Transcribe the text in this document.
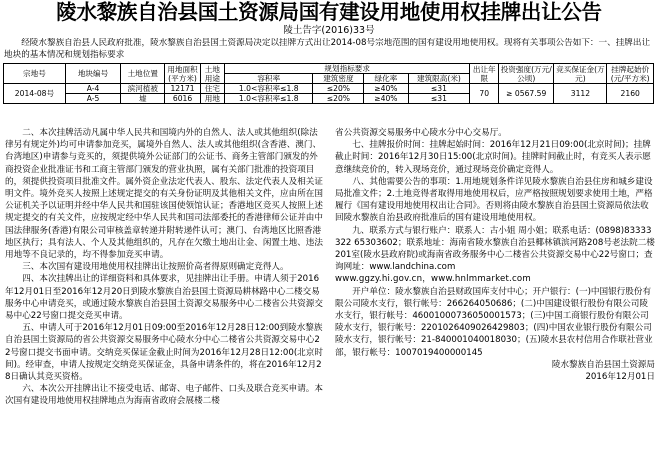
陵水黎族自治县国土资源局国有建设用地使用权挂牌出让公告
陵土告字(2016)33号
经陵水黎族自治县人民政府批准，陵水黎族自治县国土资源局决定以挂牌方式出让2014-08号宗地范围的国有建设用地使用权。现将有关事项公告如下：一、挂牌出让地块的基本情况和规划指标要求
宗地号	地块编号	土地位置	用地面积(平方米)	土地用途	规划指标要求				出让年限	投资强度(万元/公顷)	竞买保证金(万元)	挂牌起始价(元/平方米)
					容积率	建筑密度	绿化率	建筑限高(米)				
2014-08号	A-4	滨河植被	12171	住宅	1.0<容积率≤1.8	≤20%	≥40%	≤31	70	≥ 0567.59	3112	2160
	A-5	墟	6016	用地	1.0<容积率≤1.8	≤20%	≥40%	≤31				

二、本次挂牌活动凡属中华人民共和国境内外的自然人、法人或其他组织(除法律另有规定外)均可申请参加竞买，属境外自然人、法人或其他组织(含香港、澳门、台湾地区)申请参与竞买的，须提供境外公证部门的公证书、商务主管部门颁发的外商投资企业批准证书和工商主管部门颁发的营业执照，属有关部门批准的投资项目的，须提供投资项目批准文件。属外资企业法定代表人、股东、法定代表人及相关证明文件。境外竞买人按照上述规定提交的有关身份证明及其他相关文件，应由所在国公证机关予以证明并经中华人民共和国驻该国使领馆认证；香港地区竞买人按照上述规定提交的有关文件，应按规定经中华人民共和国司法部委托的香港律师公证并由中国法律服务(香港)有限公司审核盖章转递并附转递件认可；澳门、台湾地区比照香港地区执行；具有法人、个人及其他组织的，凡存在欠缴土地出让金、闲置土地、违法用地等不良记录的，均不得参加竞买申请。

三、本次国有建设用地使用权挂牌出让按照价高者得原则确定竞得人。

四、本次挂牌出让的详细资料和具体要求，见挂牌出让手册。申请人须于2016年12月01日至2016年12月20日到陵水黎族自治县国土资源局耕林路中心二楼交易服务中心申请竞买，或通过陵水黎族自治县国土资源交易服务中心二楼省公共资源交易中心22号窗口提交竞买申请。

五、申请人可于2016年12月01日09:00至2016年12月28日12:00到陵水黎族自治县国土资源局的省公共资源交易服务中心陵水分中心二楼省公共资源交易中心22号窗口提交书面申请。交纳竞买保证金截止时间为2016年12月28日12:00(北京时间)。经审查，申请人按规定交纳竞买保证金，具备申请条件的，将在2016年12月28日确认其竞买资格。

六、本次公开挂牌出让不接受电话、邮寄、电子邮件、口头及联合竞买申请。本次国有建设用地使用权挂牌地点为海南省政府会展楼二楼

省公共资源交易服务中心陵水分中心交易厅。

七、挂牌报价时间：挂牌起始时间：2016年12月21日09:00(北京时间)；挂牌截止时间：2016年12月30日15:00(北京时间)。挂牌时间截止时，有竞买人表示愿意继续竞价的，转入现场竞价，通过现场竞价确定竞得人。

八、其他需要公告的事项：1.用地规划条件详见陵水黎族自治县住房和城乡建设局批准文件；2.土地竞得者取得用地使用权后，应严格按照规划要求使用土地，严格履行《国有建设用地使用权出让合同》。否则将由陵水黎族自治县国土资源局依法收回陵水黎族自治县政府批准后的国有建设用地使用权。

九、联系方式与银行账户：联系人：古小姐 周小姐；联系电话：(0898)83333322 65303602；联系地址：海南省陵水黎族自治县椰林镇滨河路208号老法院二楼201室(陵水县政府院)或海南省政务服务中心二楼省公共资源交易中心22号窗口；查询网址：www.landchina.com

www.ggzy.hi.gov.cn，www.hnlmmarket.com

开户单位：陵水黎族自治县财政国库支付中心；开户银行：(一)中国银行股份有限公司陵水支行，银行帐号：266264050686；(二)中国建设银行股份有限公司陵水支行，银行帐号：46001000736050001573；(三)中国工商银行股份有限公司陵水支行，银行帐号：2201026409026429803；(四)中国农业银行股份有限公司陵水支行，银行帐号：21-840001040018030；(五)陵水县农村信用合作联社营业部，银行帐号：1007019400000145

陵水黎族自治县国土资源局

2016年12月01日
